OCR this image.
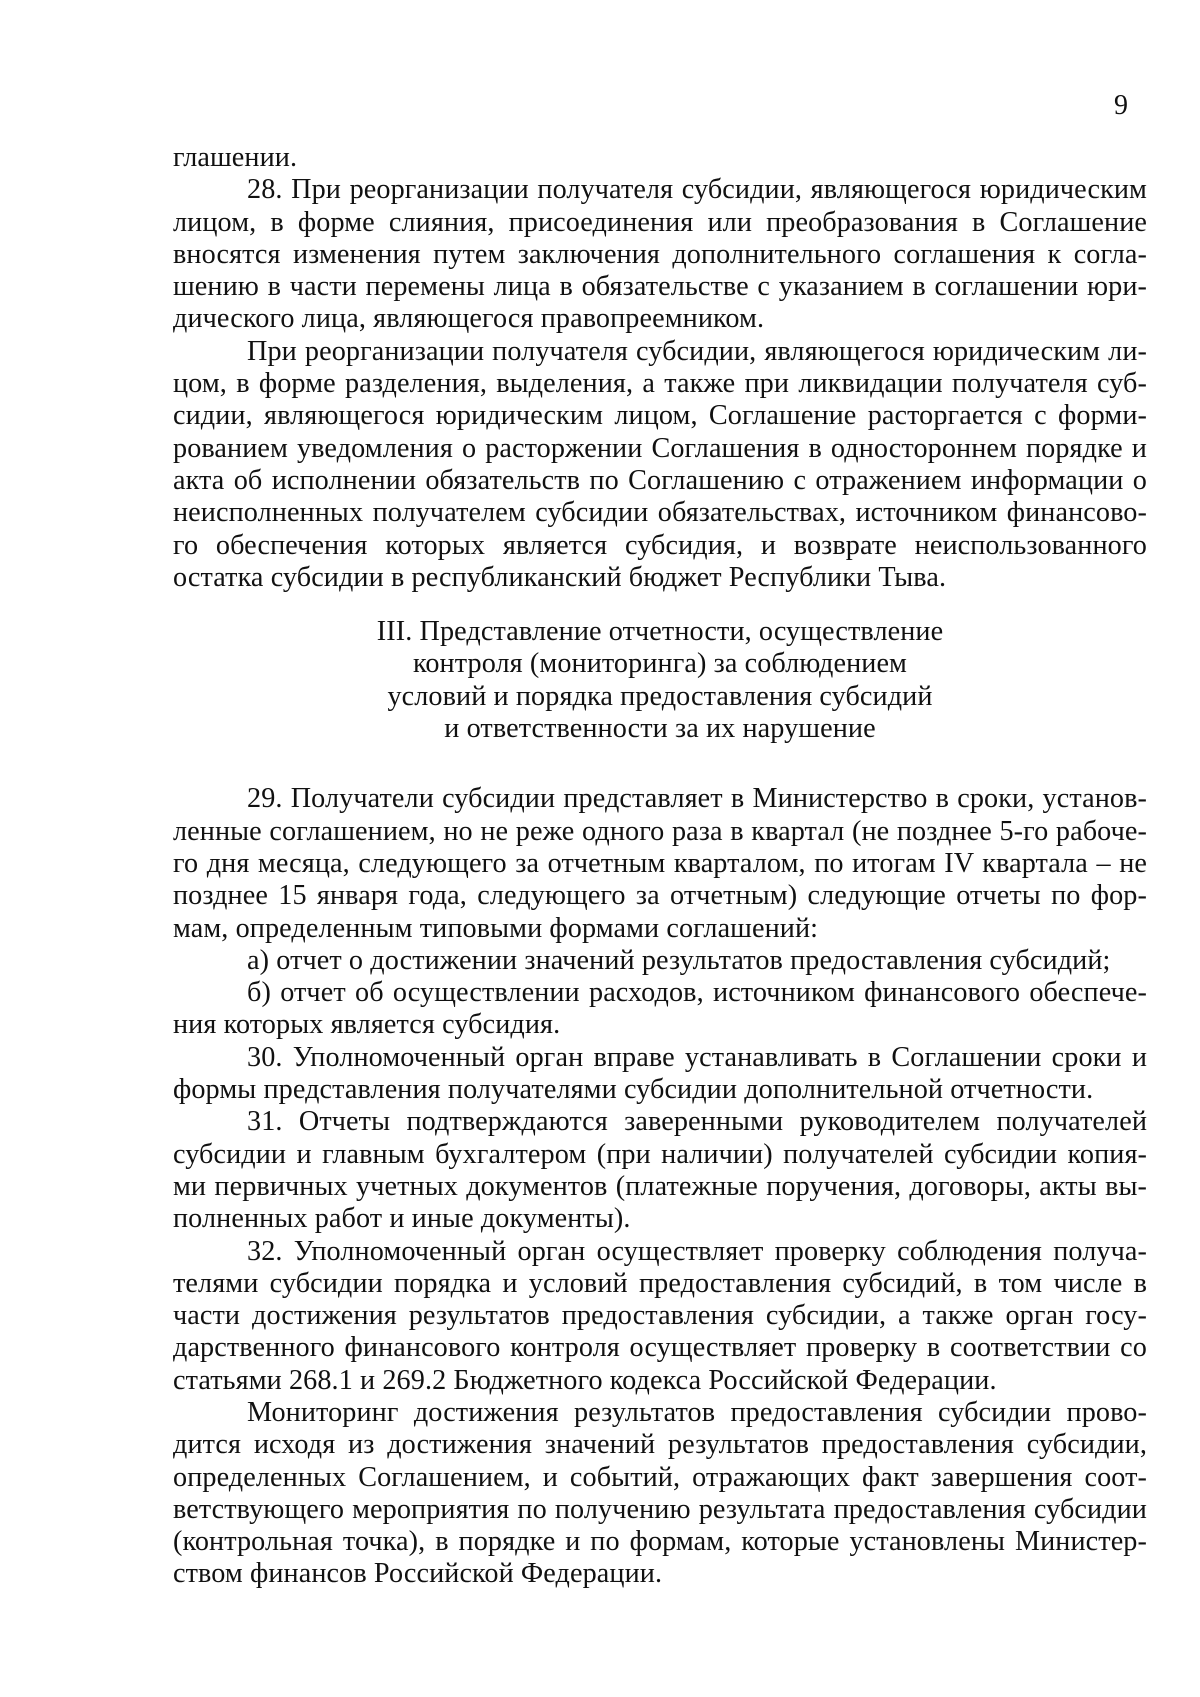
9
глашении.
28. При реорганизации получателя субсидии, являющегося юридическим
лицом, в форме слияния, присоединения или преобразования в Соглашение
вносятся изменения путем заключения дополнительного соглашения к согла-
шению в части перемены лица в обязательстве с указанием в соглашении юри-
дического лица, являющегося правопреемником.
При реорганизации получателя субсидии, являющегося юридическим ли-
цом, в форме разделения, выделения, а также при ликвидации получателя суб-
сидии, являющегося юридическим лицом, Соглашение расторгается с форми-
рованием уведомления о расторжении Соглашения в одностороннем порядке и
акта об исполнении обязательств по Соглашению с отражением информации о
неисполненных получателем субсидии обязательствах, источником финансово-
го обеспечения которых является субсидия, и возврате неиспользованного
остатка субсидии в республиканский бюджет Республики Тыва.
III. Представление отчетности, осуществление
контроля (мониторинга) за соблюдением
условий и порядка предоставления субсидий
и ответственности за их нарушение
29. Получатели субсидии представляет в Министерство в сроки, установ-
ленные соглашением, но не реже одного раза в квартал (не позднее 5-го рабоче-
го дня месяца, следующего за отчетным кварталом, по итогам IV квартала – не
позднее 15 января года, следующего за отчетным) следующие отчеты по фор-
мам, определенным типовыми формами соглашений:
а) отчет о достижении значений результатов предоставления субсидий;
б) отчет об осуществлении расходов, источником финансового обеспече-
ния которых является субсидия.
30. Уполномоченный орган вправе устанавливать в Соглашении сроки и
формы представления получателями субсидии дополнительной отчетности.
31. Отчеты подтверждаются заверенными руководителем получателей
субсидии и главным бухгалтером (при наличии) получателей субсидии копия-
ми первичных учетных документов (платежные поручения, договоры, акты вы-
полненных работ и иные документы).
32. Уполномоченный орган осуществляет проверку соблюдения получа-
телями субсидии порядка и условий предоставления субсидий, в том числе в
части достижения результатов предоставления субсидии, а также орган госу-
дарственного финансового контроля осуществляет проверку в соответствии со
статьями 268.1 и 269.2 Бюджетного кодекса Российской Федерации.
Мониторинг достижения результатов предоставления субсидии прово-
дится исходя из достижения значений результатов предоставления субсидии,
определенных Соглашением, и событий, отражающих факт завершения соот-
ветствующего мероприятия по получению результата предоставления субсидии
(контрольная точка), в порядке и по формам, которые установлены Министер-
ством финансов Российской Федерации.
